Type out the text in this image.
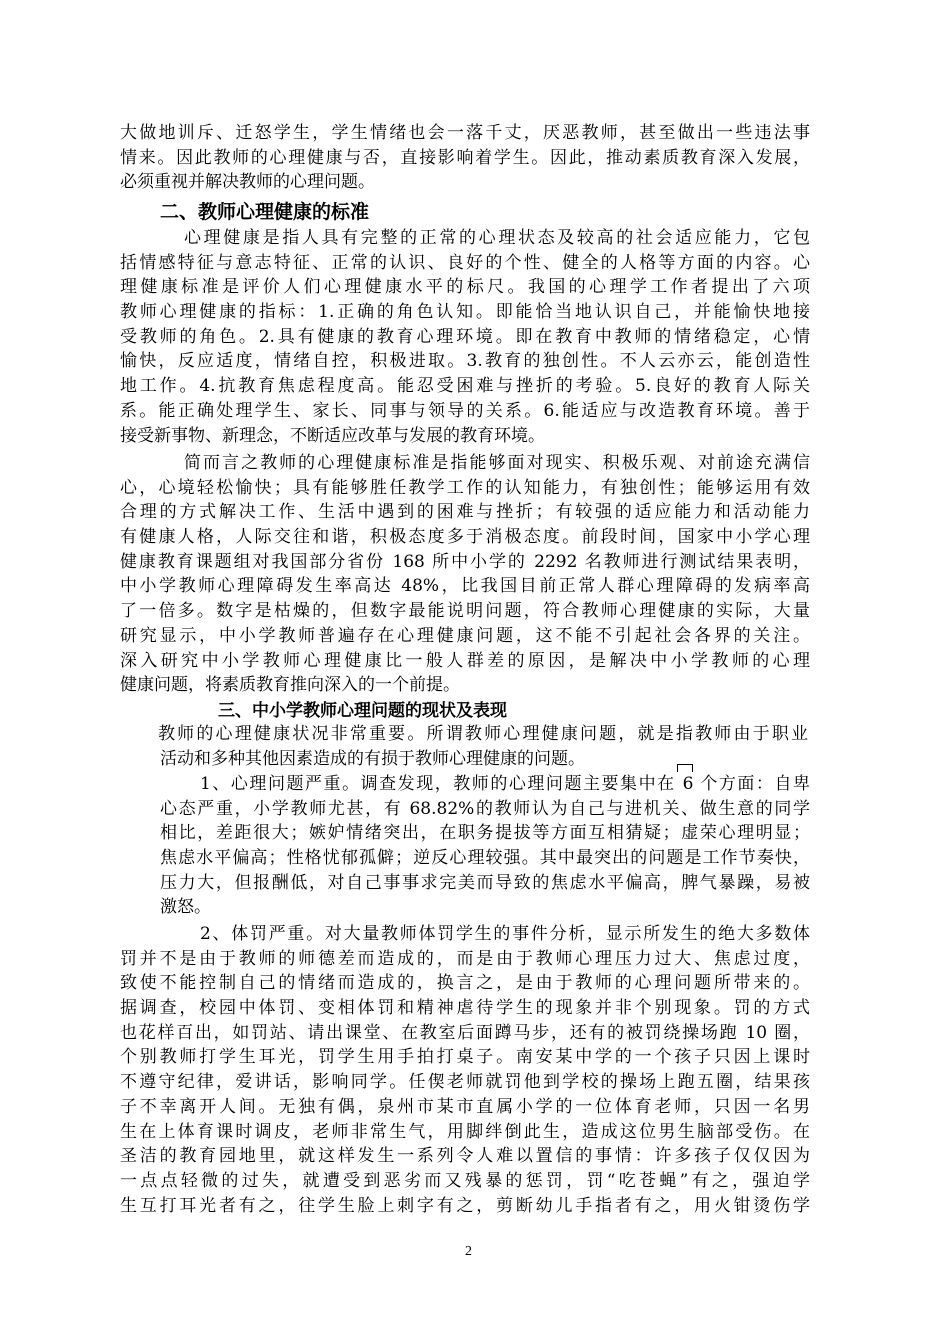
大做地训斥、迁怒学生，学生情绪也会一落千丈，厌恶教师，甚至做出一些违法事
情来。因此教师的心理健康与否，直接影响着学生。因此，推动素质教育深入发展，
必须重视并解决教师的心理问题。
二、教师心理健康的标准
心理健康是指人具有完整的正常的心理状态及较高的社会适应能力，它包
括情感特征与意志特征、正常的认识、良好的个性、健全的人格等方面的内容。心
理健康标准是评价人们心理健康水平的标尺。我国的心理学工作者提出了六项
教师心理健康的指标：1.正确的角色认知。即能恰当地认识自己，并能愉快地接
受教师的角色。2.具有健康的教育心理环境。即在教育中教师的情绪稳定，心情
愉快，反应适度，情绪自控，积极进取。3.教育的独创性。不人云亦云，能创造性
地工作。4.抗教育焦虑程度高。能忍受困难与挫折的考验。5.良好的教育人际关
系。能正确处理学生、家长、同事与领导的关系。6.能适应与改造教育环境。善于
接受新事物、新理念，不断适应改革与发展的教育环境。
简而言之教师的心理健康标准是指能够面对现实、积极乐观、对前途充满信
心，心境轻松愉快；具有能够胜任教学工作的认知能力，有独创性；能够运用有效
合理的方式解决工作、生活中遇到的困难与挫折；有较强的适应能力和活动能力
有健康人格，人际交往和谐，积极态度多于消极态度。前段时间，国家中小学心理
健康教育课题组对我国部分省份 168 所中小学的 2292 名教师进行测试结果表明，
中小学教师心理障碍发生率高达 48%，比我国目前正常人群心理障碍的发病率高
了一倍多。数字是枯燥的，但数字最能说明问题，符合教师心理健康的实际，大量
研究显示，中小学教师普遍存在心理健康问题，这不能不引起社会各界的关注。
深入研究中小学教师心理健康比一般人群差的原因，是解决中小学教师的心理
健康问题，将素质教育推向深入的一个前提。
三、中小学教师心理问题的现状及表现
教师的心理健康状况非常重要。所谓教师心理健康问题，就是指教师由于职业
活动和多种其他因素造成的有损于教师心理健康的问题。
1、心理问题严重。调查发现，教师的心理问题主要集中在 6 个方面：自卑
心态严重，小学教师尤甚，有 68.82%的教师认为自己与进机关、做生意的同学
相比，差距很大；嫉妒情绪突出，在职务提拔等方面互相猜疑；虚荣心理明显；
焦虑水平偏高；性格忧郁孤僻；逆反心理较强。其中最突出的问题是工作节奏快，
压力大，但报酬低，对自己事事求完美而导致的焦虑水平偏高，脾气暴躁，易被
激怒。
2、体罚严重。对大量教师体罚学生的事件分析，显示所发生的绝大多数体
罚并不是由于教师的师德差而造成的，而是由于教师心理压力过大、焦虑过度，
致使不能控制自己的情绪而造成的，换言之，是由于教师的心理问题所带来的。
据调查，校园中体罚、变相体罚和精神虐待学生的现象并非个别现象。罚的方式
也花样百出，如罚站、请出课堂、在教室后面蹲马步，还有的被罚绕操场跑 10 圈，
个别教师打学生耳光，罚学生用手拍打桌子。南安某中学的一个孩子只因上课时
不遵守纪律，爱讲话，影响同学。任偰老师就罚他到学校的操场上跑五圈，结果孩
子不幸离开人间。无独有偶，泉州市某市直属小学的一位体育老师，只因一名男
生在上体育课时调皮，老师非常生气，用脚绊倒此生，造成这位男生脑部受伤。在
圣洁的教育园地里，就这样发生一系列令人难以置信的事情：许多孩子仅仅因为
一点点轻微的过失，就遭受到恶劣而又残暴的惩罚，罚“吃苍蝇”有之，强迫学
生互打耳光者有之，往学生脸上刺字有之，剪断幼儿手指者有之，用火钳烫伤学
2
